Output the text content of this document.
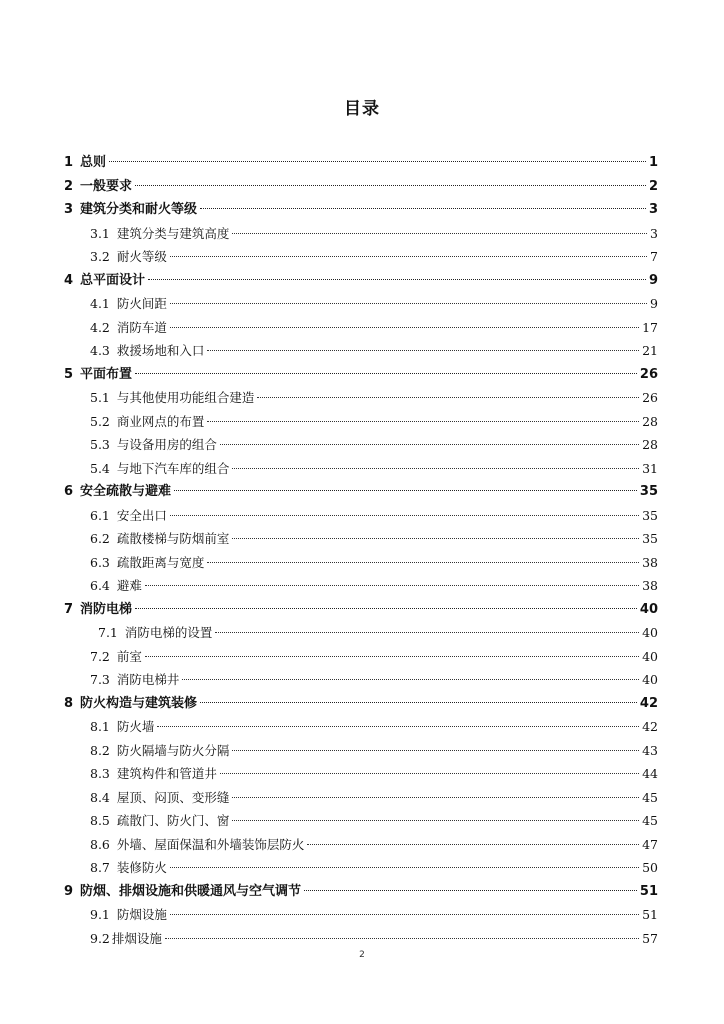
目录
1 总则	1
2 一般要求	2
3 建筑分类和耐火等级	3
3.1 建筑分类与建筑高度	3
3.2 耐火等级	7
4 总平面设计	9
4.1 防火间距	9
4.2 消防车道	17
4.3 救援场地和入口	21
5 平面布置	26
5.1 与其他使用功能组合建造	26
5.2 商业网点的布置	28
5.3 与设备用房的组合	28
5.4 与地下汽车库的组合	31
6 安全疏散与避难	35
6.1 安全出口	35
6.2 疏散楼梯与防烟前室	35
6.3 疏散距离与宽度	38
6.4 避难	38
7 消防电梯	40
7.1 消防电梯的设置	40
7.2 前室	40
7.3 消防电梯井	40
8 防火构造与建筑装修	42
8.1 防火墙	42
8.2 防火隔墙与防火分隔	43
8.3 建筑构件和管道井	44
8.4 屋顶、闷顶、变形缝	45
8.5 疏散门、防火门、窗	45
8.6 外墙、屋面保温和外墙装饰层防火	47
8.7 装修防火	50
9 防烟、排烟设施和供暖通风与空气调节	51
9.1 防烟设施	51
9.2 排烟设施	57
2
